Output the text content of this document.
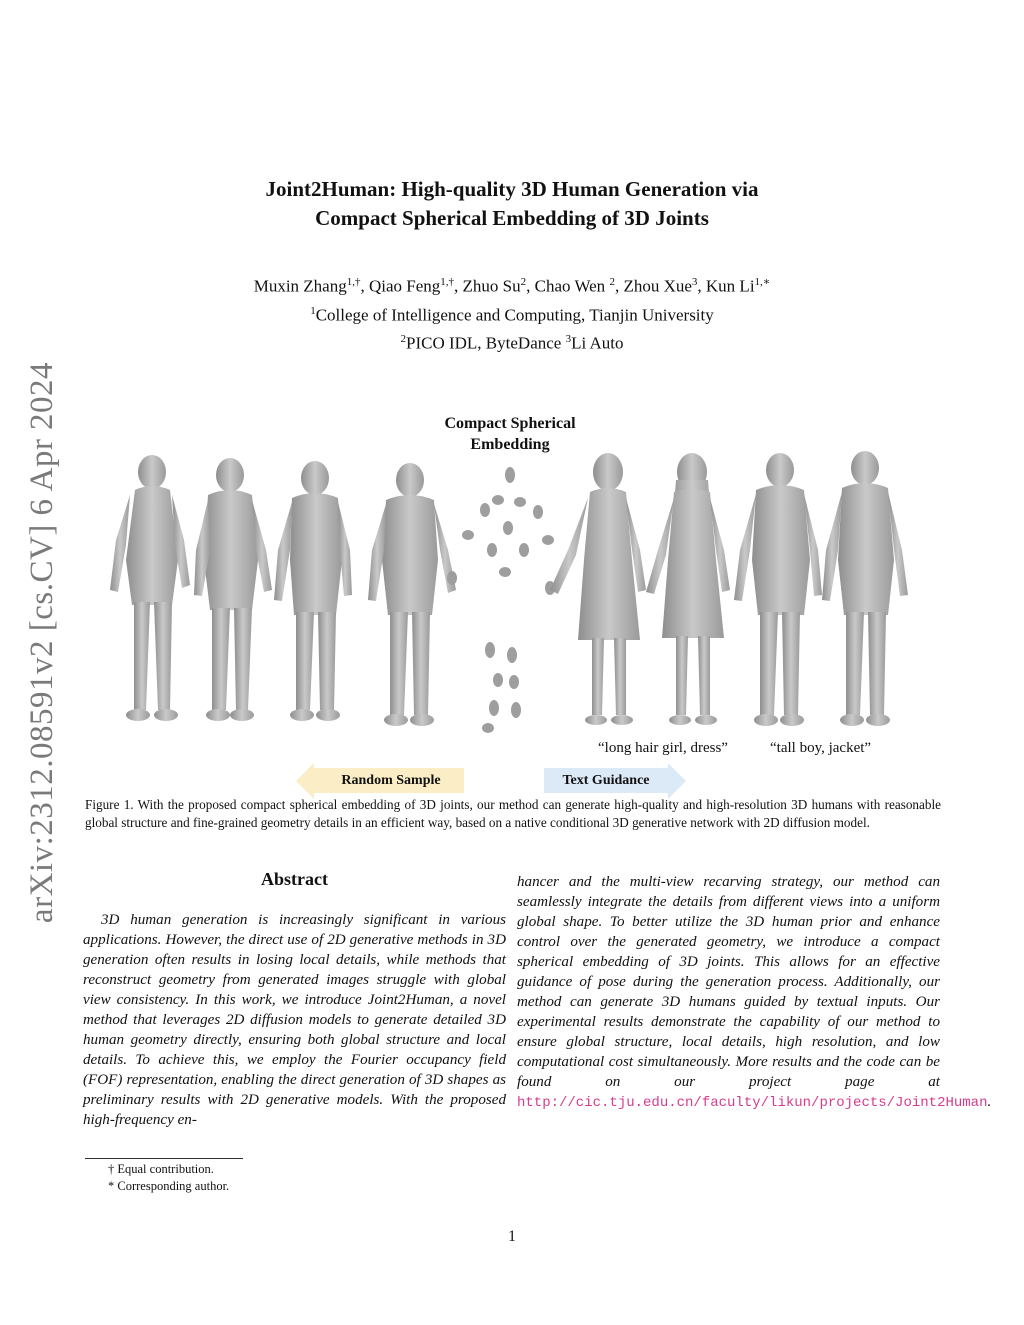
arXiv:2312.08591v2 [cs.CV] 6 Apr 2024
Joint2Human: High-quality 3D Human Generation via
Compact Spherical Embedding of 3D Joints
Muxin Zhang$^{1,\dagger}$, Qiao Feng$^{1,\dagger}$, Zhuo Su$^2$, Chao Wen $^2$, Zhou Xue$^3$, Kun $Li^{1,∗}$
$^1$College of Intelligence and Computing, Tianjin University
$^2$PICO IDL, ByteDance $^3$Li Auto
Compact Spherical
Embedding
“long hair girl, dress”	“tall boy, jacket”
Random Sample	Text Guidance
Figure 1. With the proposed compact spherical embedding of 3D joints, our method can generate high-quality and high-resolution 3D humans with reasonable global structure and fine-grained geometry details in an efficient way, based on a native conditional 3D generative network with 2D diffusion model.
Abstract

3D human generation is increasingly significant in various applications. However, the direct use of 2D generative methods in 3D generation often results in losing local details, while methods that reconstruct geometry from generated images struggle with global view consistency. In this work, we introduce Joint2Human, a novel method that leverages 2D diffusion models to generate detailed 3D human geometry directly, ensuring both global structure and local details. To achieve this, we employ the Fourier occupancy field (FOF) representation, enabling the direct generation of 3D shapes as preliminary results with 2D generative models. With the proposed high-frequency en-

hancer and the multi-view recarving strategy, our method can seamlessly integrate the details from different views into a uniform global shape. To better utilize the 3D human prior and enhance control over the generated geometry, we introduce a compact spherical embedding of 3D joints. This allows for an effective guidance of pose during the generation process. Additionally, our method can generate 3D humans guided by textual inputs. Our experimental results demonstrate the capability of our method to ensure global structure, local details, high resolution, and low computational cost simultaneously. More results and the code can be found on our project page at http://cic.tju.edu.cn/faculty/likun/projects/Joint2Human.

† Equal contribution.
* Corresponding author.
1
